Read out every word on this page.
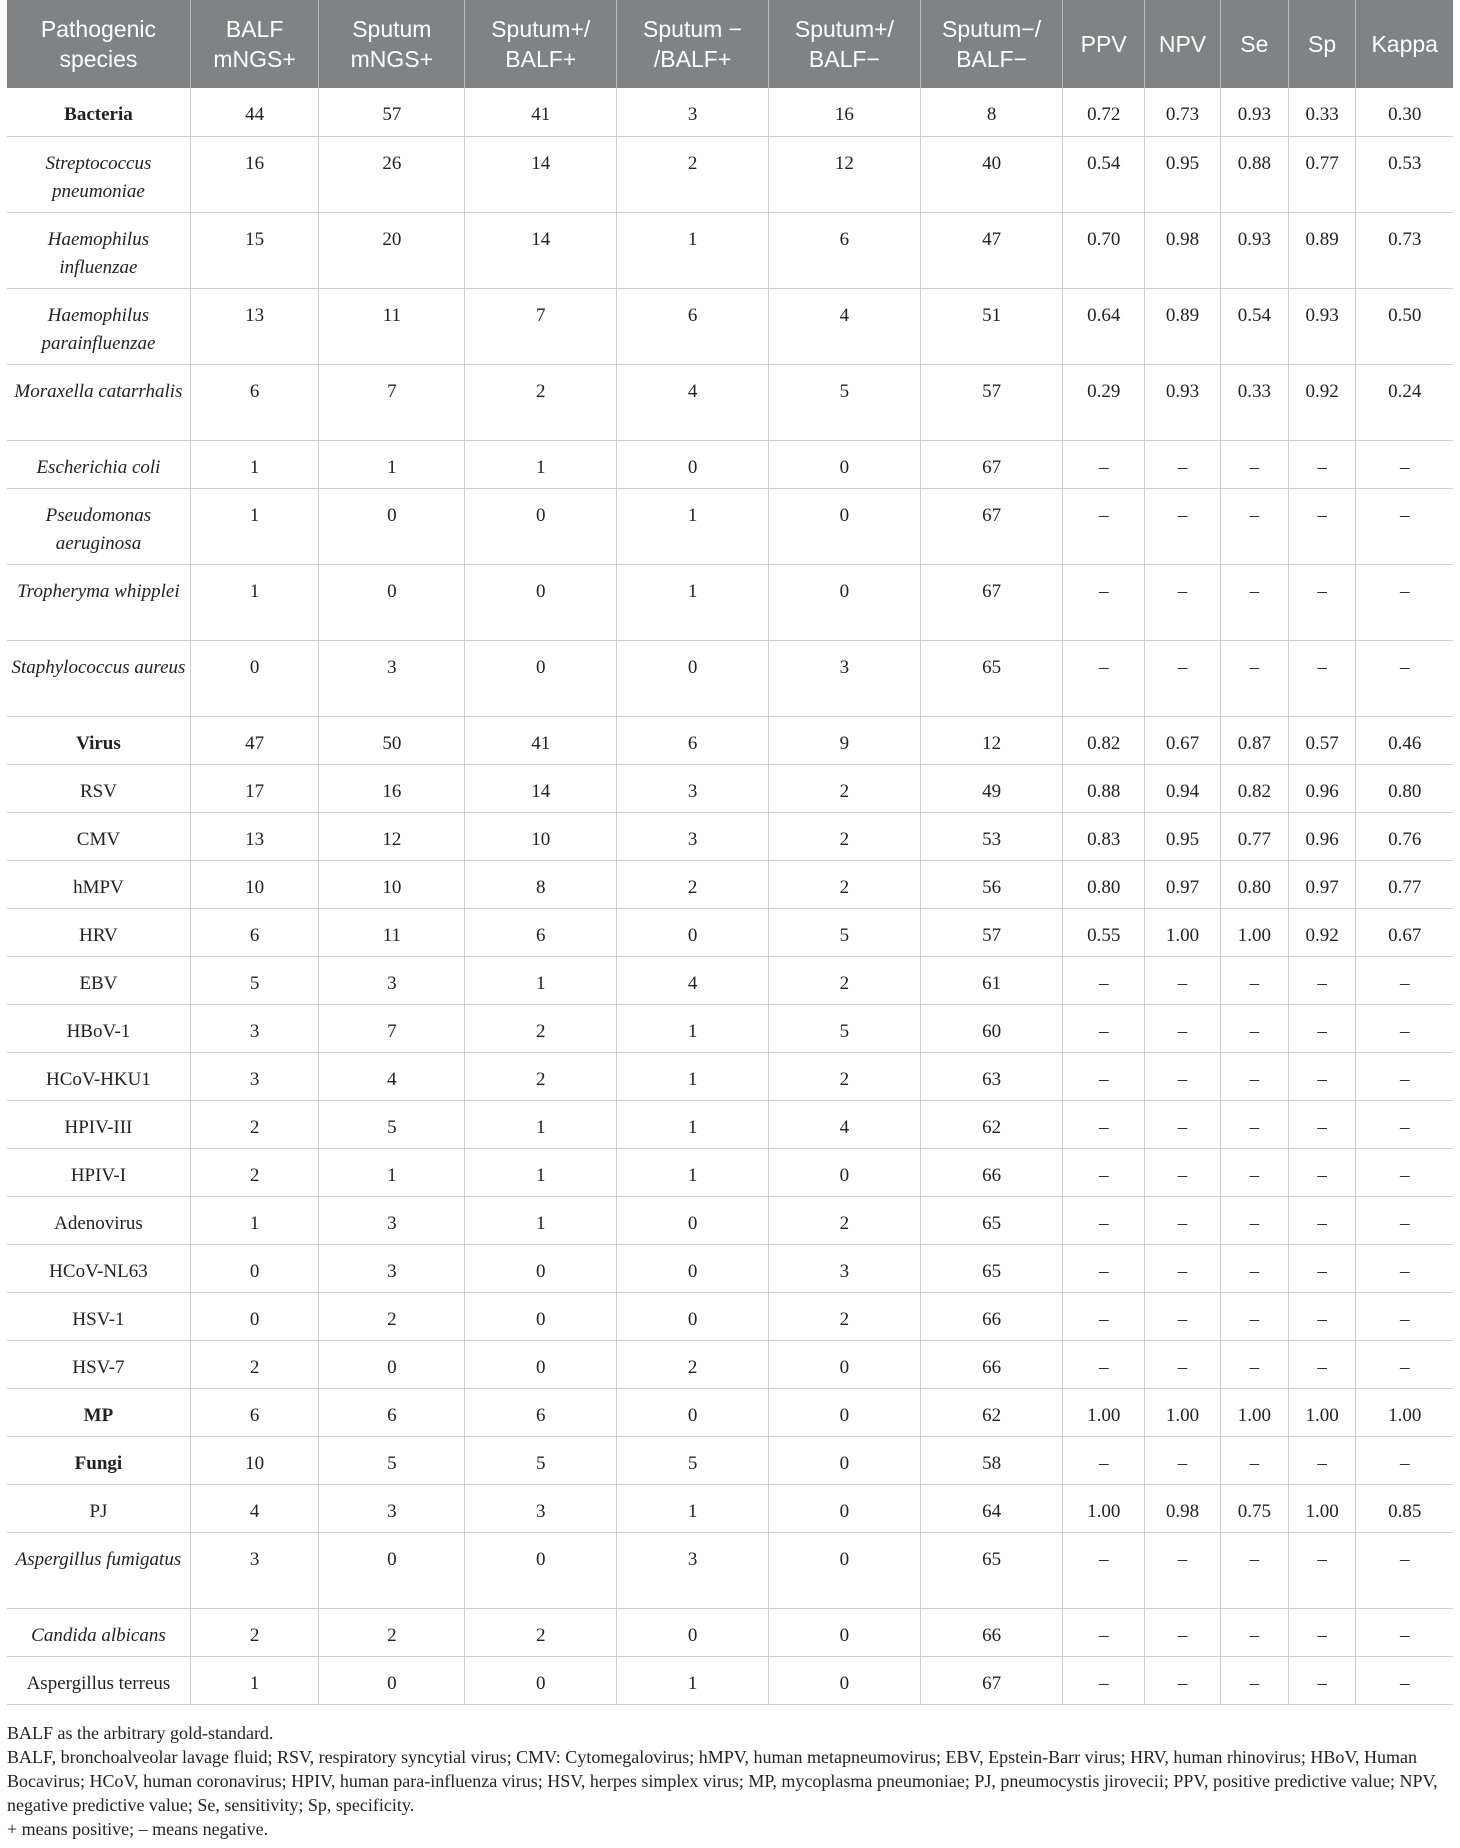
Pathogenic species	BALF mNGS+	Sputum mNGS+	Sputum+/ BALF+	Sputum − /BALF+	Sputum+/ BALF−	Sputum−/ BALF−	PPV	NPV	Se	Sp	Kappa
Bacteria	44	57	41	3	16	8	0.72	0.73	0.93	0.33	0.30
Streptococcus pneumoniae	16	26	14	2	12	40	0.54	0.95	0.88	0.77	0.53
Haemophilus influenzae	15	20	14	1	6	47	0.70	0.98	0.93	0.89	0.73
Haemophilus parainfluenzae	13	11	7	6	4	51	0.64	0.89	0.54	0.93	0.50
Moraxella catarrhalis	6	7	2	4	5	57	0.29	0.93	0.33	0.92	0.24
Escherichia coli	1	1	1	0	0	67	–	–	–	–	–
Pseudomonas aeruginosa	1	0	0	1	0	67	–	–	–	–	–
Tropheryma whipplei	1	0	0	1	0	67	–	–	–	–	–
Staphylococcus aureus	0	3	0	0	3	65	–	–	–	–	–
Virus	47	50	41	6	9	12	0.82	0.67	0.87	0.57	0.46
RSV	17	16	14	3	2	49	0.88	0.94	0.82	0.96	0.80
CMV	13	12	10	3	2	53	0.83	0.95	0.77	0.96	0.76
hMPV	10	10	8	2	2	56	0.80	0.97	0.80	0.97	0.77
HRV	6	11	6	0	5	57	0.55	1.00	1.00	0.92	0.67
EBV	5	3	1	4	2	61	–	–	–	–	–
HBoV-1	3	7	2	1	5	60	–	–	–	–	–
HCoV-HKU1	3	4	2	1	2	63	–	–	–	–	–
HPIV-III	2	5	1	1	4	62	–	–	–	–	–
HPIV-I	2	1	1	1	0	66	–	–	–	–	–
Adenovirus	1	3	1	0	2	65	–	–	–	–	–
HCoV-NL63	0	3	0	0	3	65	–	–	–	–	–
HSV-1	0	2	0	0	2	66	–	–	–	–	–
HSV-7	2	0	0	2	0	66	–	–	–	–	–
MP	6	6	6	0	0	62	1.00	1.00	1.00	1.00	1.00
Fungi	10	5	5	5	0	58	–	–	–	–	–
PJ	4	3	3	1	0	64	1.00	0.98	0.75	1.00	0.85
Aspergillus fumigatus	3	0	0	3	0	65	–	–	–	–	–
Candida albicans	2	2	2	0	0	66	–	–	–	–	–
Aspergillus terreus	1	0	0	1	0	67	–	–	–	–	–

BALF as the arbitrary gold-standard.

BALF, bronchoalveolar lavage fluid; RSV, respiratory syncytial virus; CMV: Cytomegalovirus; hMPV, human metapneumovirus; EBV, Epstein-Barr virus; HRV, human rhinovirus; HBoV, Human Bocavirus; HCoV, human coronavirus; HPIV, human para-influenza virus; HSV, herpes simplex virus; MP, mycoplasma pneumoniae; PJ, pneumocystis jirovecii; PPV, positive predictive value; NPV, negative predictive value; Se, sensitivity; Sp, specificity.

+ means positive; – means negative.
